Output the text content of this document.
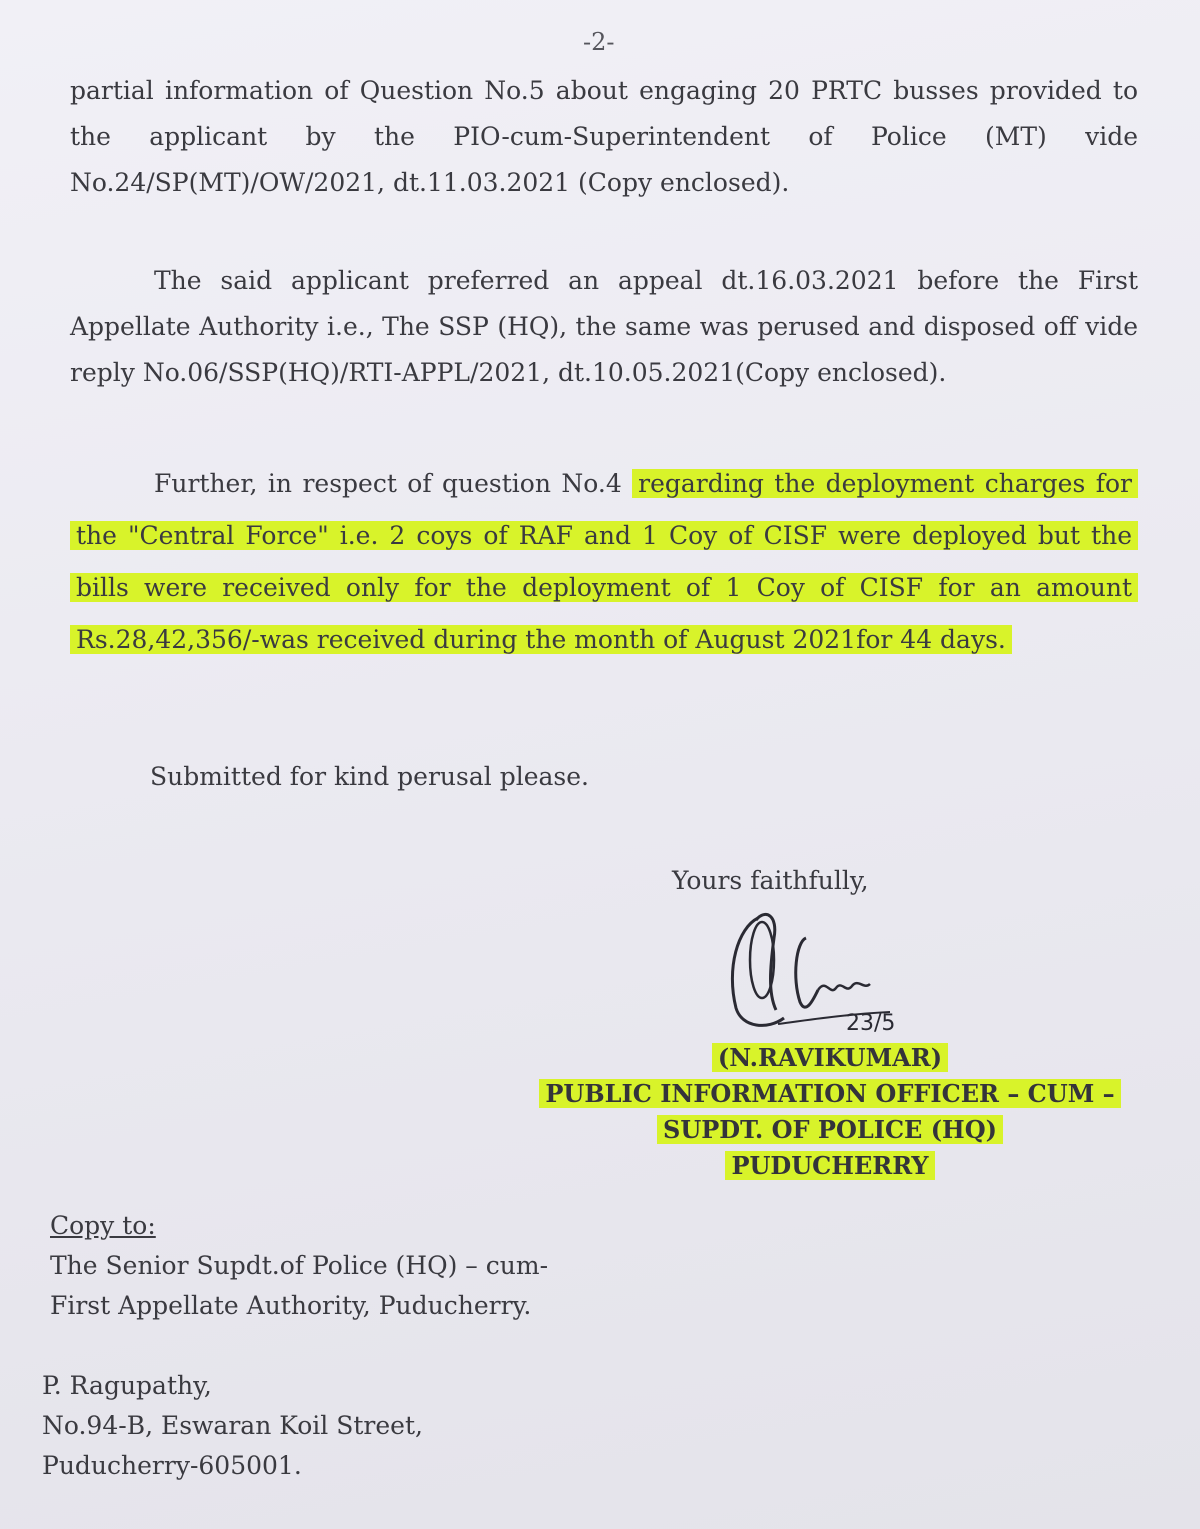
-2-

partial information of Question No.5 about engaging 20 PRTC busses provided to the applicant by the PIO-cum-Superintendent of Police (MT) vide No.24/SP(MT)/OW/2021, dt.11.03.2021 (Copy enclosed).

The said applicant preferred an appeal dt.16.03.2021 before the First Appellate Authority i.e., The SSP (HQ), the same was perused and disposed off vide reply No.06/SSP(HQ)/RTI-APPL/2021, dt.10.05.2021(Copy enclosed).

Further, in respect of question No.4 regarding the deployment charges for the "Central Force" i.e. 2 coys of RAF and 1 Coy of CISF were deployed but the bills were received only for the deployment of 1 Coy of CISF for an amount Rs.28,42,356/-was received during the month of August 2021for 44 days.

Submitted for kind perusal please.

Yours faithfully,

23/5
(N.RAVIKUMAR)
PUBLIC INFORMATION OFFICER – CUM –
SUPDT. OF POLICE (HQ)
PUDUCHERRY
Copy to:
The Senior Supdt.of Police (HQ) – cum-
First Appellate Authority, Puducherry.
P. Ragupathy,
No.94-B, Eswaran Koil Street,
Puducherry-605001.
